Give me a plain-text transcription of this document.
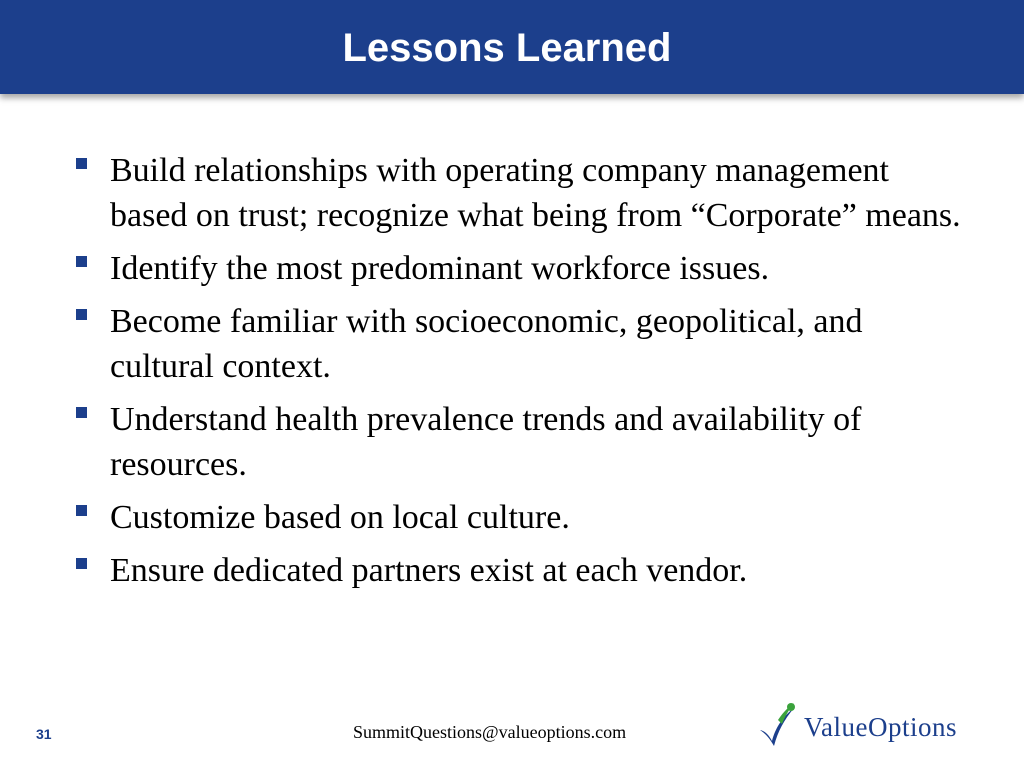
Lessons Learned
Build relationships with operating company management based on trust; recognize what being from “Corporate” means.
Identify the most predominant workforce issues.
Become familiar with socioeconomic, geopolitical, and cultural context.
Understand health prevalence trends and availability of resources.
Customize based on local culture.
Ensure dedicated partners exist at each vendor.
31	SummitQuestions@valueoptions.com	ValueOptions
